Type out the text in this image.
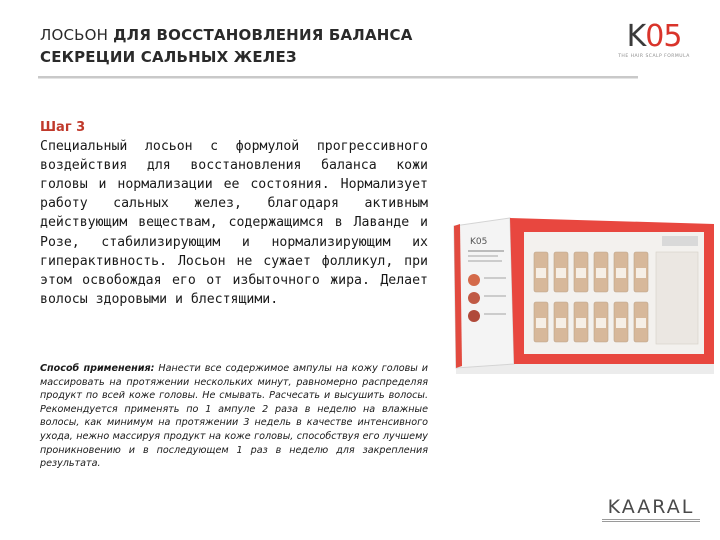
ЛОСЬОН ДЛЯ ВОССТАНОВЛЕНИЯ БАЛАНСА
СЕКРЕЦИИ САЛЬНЫХ ЖЕЛЕЗ
K05
THE HAIR SCALP FORMULA
Шаг 3
Специальный лосьон с формулой прогрессивного воздействия для восстановления баланса кожи головы и нормализации ее состояния. Нормализует работу сальных желез, благодаря активным действующим веществам, содержащимся в Лаванде и Розе, стабилизирующим и нормализирующим их гиперактивность. Лосьон не сужает фолликул, при этом освобождая его от избыточного жира. Делает волосы здоровыми и блестящими.
Способ применения: Нанести все содержимое ампулы на кожу головы и массировать на протяжении нескольких минут, равномерно распределяя продукт по всей коже головы. Не смывать. Расчесать и высушить волосы. Рекомендуется применять по 1 ампуле 2 раза в неделю на влажные волосы, как минимум на протяжении 3 недель в качестве интенсивного ухода, нежно массируя продукт на коже головы, способствуя его лучшему проникновению и в последующем 1 раз в неделю для закрепления результата.
K05
KAARAL
